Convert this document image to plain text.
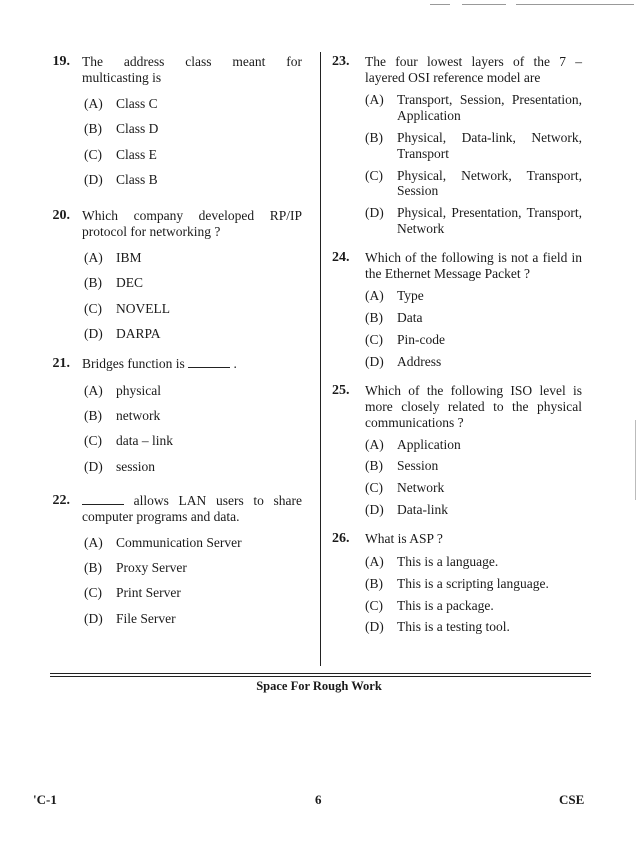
19. The address class meant for multicasting is
(A) Class C
(B)	Class D
(C)	Class E
(D) Class B
20. Which company developed RP/IP protocol for networking ?
(A) IBM
(B)	DEC
(C)	NOVELL
(D) DARPA
21. Bridges function is	.
(A) physical
(B)	network
(C)	data – link
(D) session
22.	allows LAN users to share computer programs and data.
(A) Communication Server
(B)	Proxy Server
(C)	Print Server
(D) File Server
23.	The four lowest layers of the 7 – layered OSI reference model are
(A) Transport, Session, Presentation, Application
(B)	Physical, Data-link, Network, Transport
(C)	Physical, Network, Transport, Session
(D) Physical, Presentation, Transport, Network
24.	Which of the following is not a field in the Ethernet Message Packet ?
(A) Type
(B)	Data
(C)	Pin-code
(D) Address
25.	Which of the following ISO level is more closely related to the physical communications ?
(A) Application
(B)	Session
(C)	Network
(D) Data-link
26.	What is ASP ?
(A) This is a language.
(B)	This is a scripting language.
(C)	This is a package.
(D) This is a testing tool.
Space For Rough Work
'C-1	6	CSE
